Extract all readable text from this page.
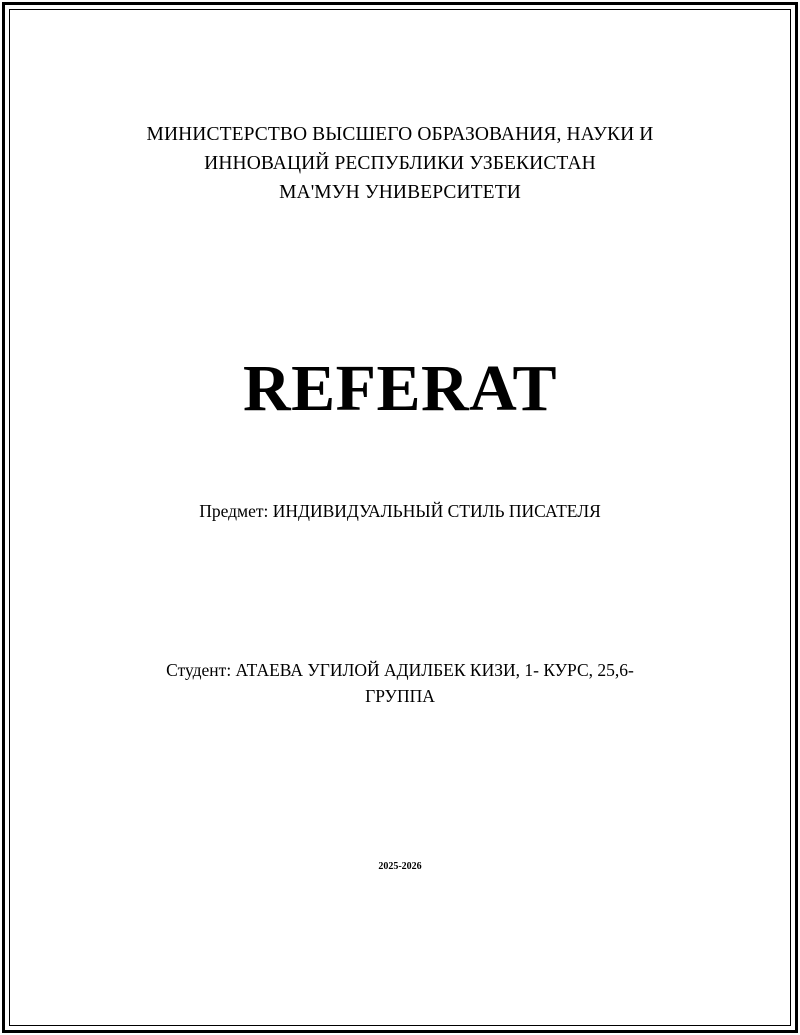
МИНИСТЕРСТВО ВЫСШЕГО ОБРАЗОВАНИЯ, НАУКИ И
ИННОВАЦИЙ РЕСПУБЛИКИ УЗБЕКИСТАН
MA'МУН УНИВЕРСИТЕТИ
REFERAT
Предмет: ИНДИВИДУАЛЬНЫЙ СТИЛЬ ПИСАТЕЛЯ
Студент: АТАЕВА УГИЛОЙ АДИЛБЕК КИЗИ, 1- КУРС, 25,6-
ГРУППА
2025-2026
